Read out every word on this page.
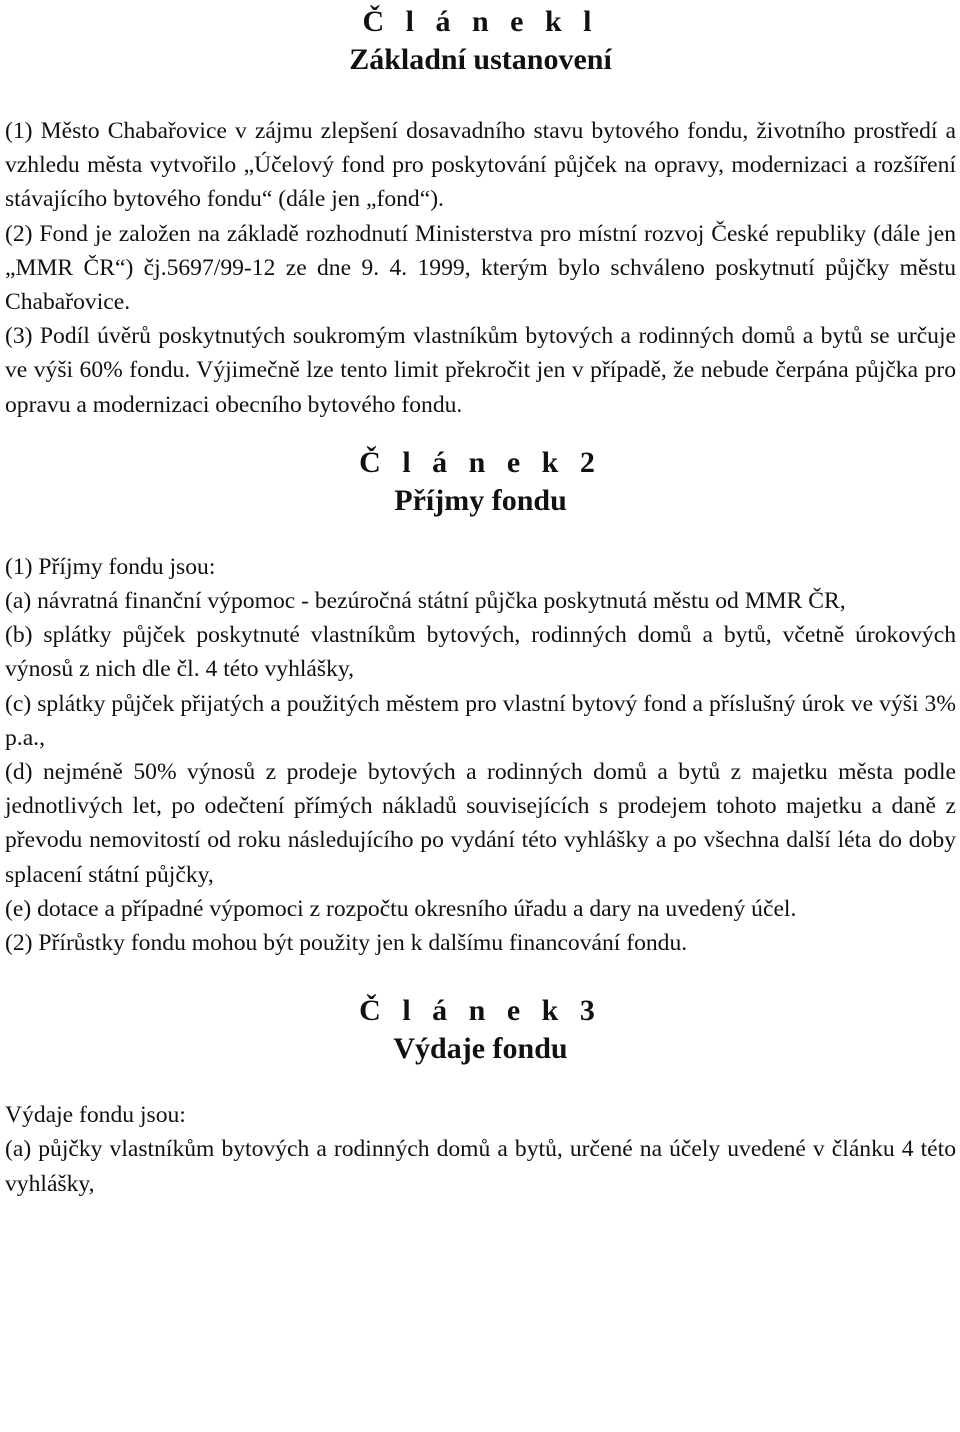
Č l á n e k l
Základní ustanovení

(1) Město Chabařovice v zájmu zlepšení dosavadního stavu bytového fondu, životního prostředí a vzhledu města vytvořilo „Účelový fond pro poskytování půjček na opravy, modernizaci a rozšíření stávajícího bytového fondu“ (dále jen „fond“).

(2) Fond je založen na základě rozhodnutí Ministerstva pro místní rozvoj České republiky (dále jen „MMR ČR“) čj.5697/99-12 ze dne 9. 4. 1999, kterým bylo schváleno poskytnutí půjčky městu Chabařovice.

(3) Podíl úvěrů poskytnutých soukromým vlastníkům bytových a rodinných domů a bytů se určuje ve výši 60% fondu. Výjimečně lze tento limit překročit jen v případě, že nebude čerpána půjčka pro opravu a modernizaci obecního bytového fondu.

Č l á n e k 2
Příjmy fondu

(1) Příjmy fondu jsou:

(a) návratná finanční výpomoc - bezúročná státní půjčka poskytnutá městu od MMR ČR,

(b) splátky půjček poskytnuté vlastníkům bytových, rodinných domů a bytů, včetně úrokových výnosů z nich dle čl. 4 této vyhlášky,

(c) splátky půjček přijatých a použitých městem pro vlastní bytový fond a příslušný úrok ve výši 3% p.a.,

(d) nejméně 50% výnosů z prodeje bytových a rodinných domů a bytů z majetku města podle jednotlivých let, po odečtení přímých nákladů souvisejících s prodejem tohoto majetku a daně z převodu nemovitostí od roku následujícího po vydání této vyhlášky a po všechna další léta do doby splacení státní půjčky,

(e) dotace a případné výpomoci z rozpočtu okresního úřadu a dary na uvedený účel.

(2) Přírůstky fondu mohou být použity jen k dalšímu financování fondu.

Č l á n e k 3
Výdaje fondu

Výdaje fondu jsou:

(a) půjčky vlastníkům bytových a rodinných domů a bytů, určené na účely uvedené v článku 4 této vyhlášky,
